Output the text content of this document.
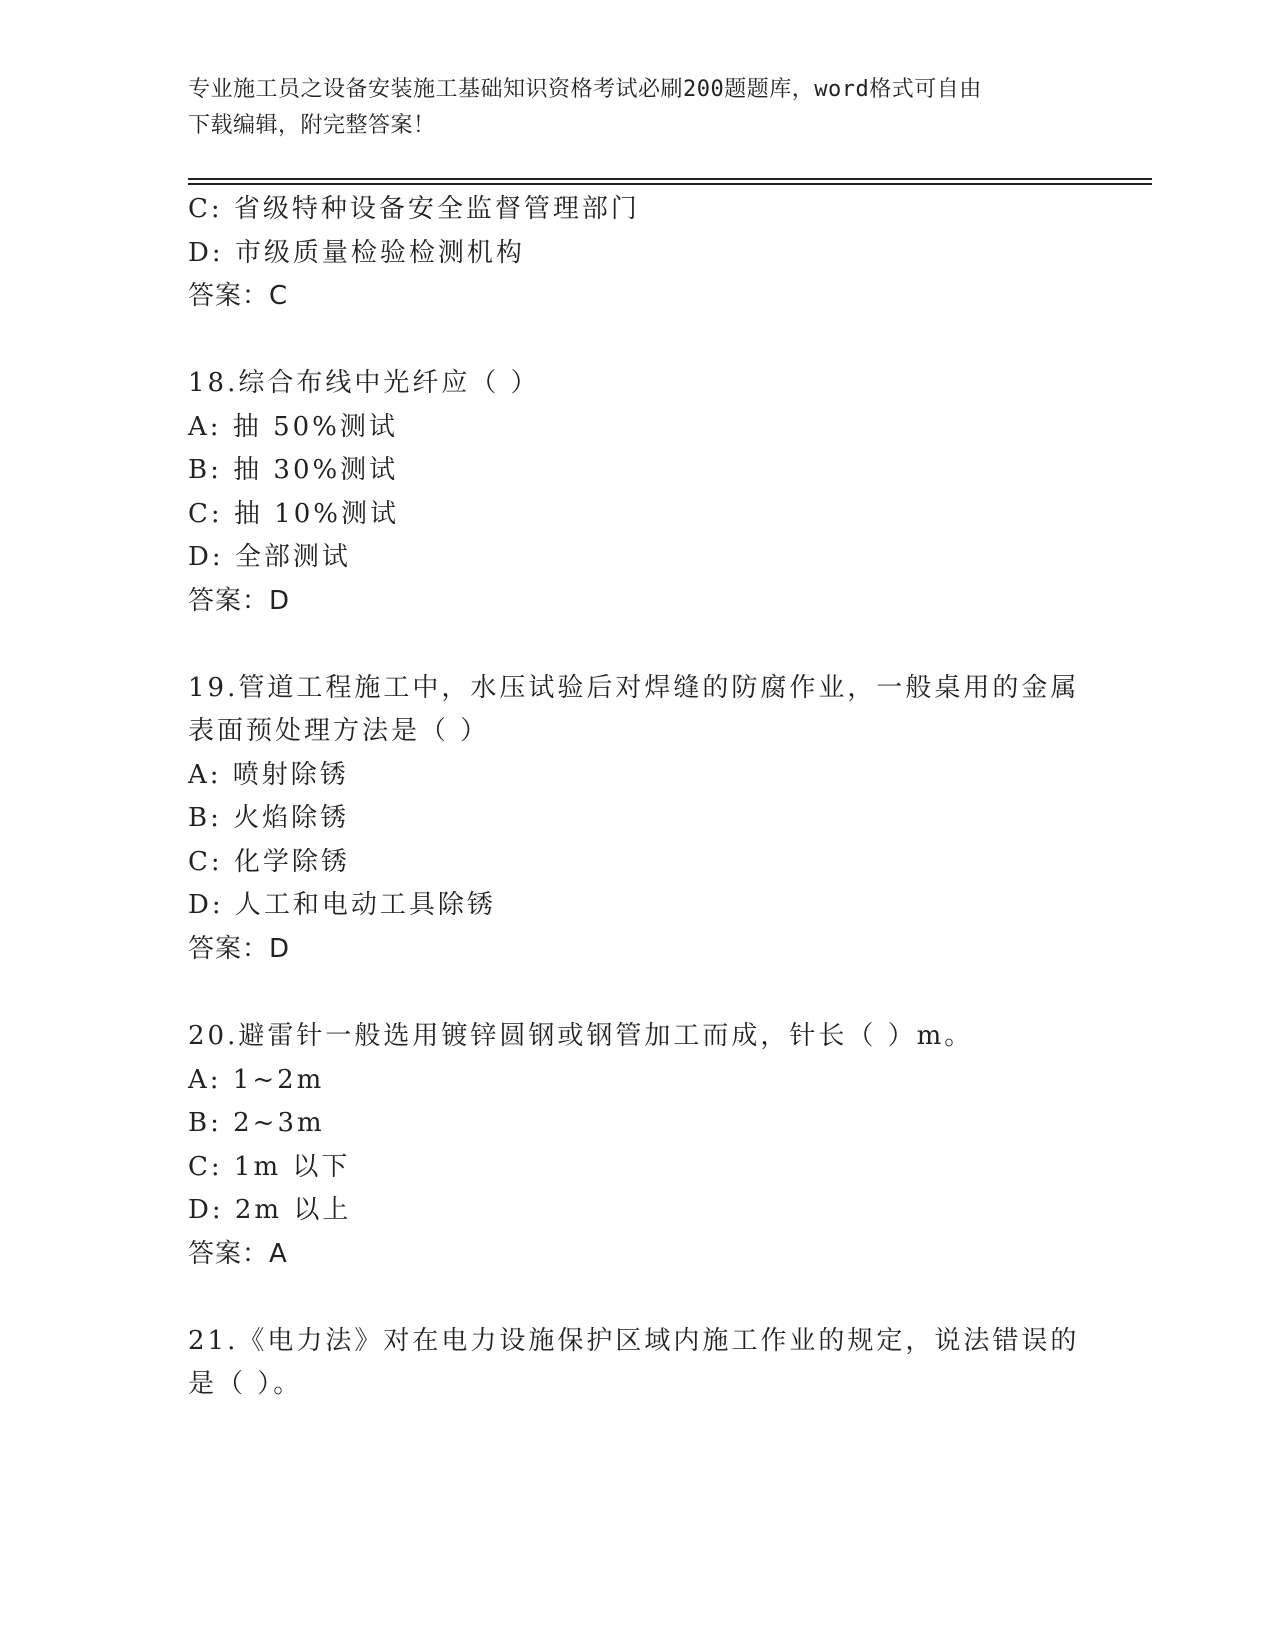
专业施工员之设备安装施工基础知识资格考试必刷200题题库，word格式可自由
下载编辑，附完整答案！
C: 省级特种设备安全监督管理部门
D: 市级质量检验检测机构
答案：C
18.综合布线中光纤应（ ）
A: 抽 50%测试
B: 抽 30%测试
C: 抽 10%测试
D: 全部测试
答案：D
19.管道工程施工中，水压试验后对焊缝的防腐作业，一般桌用的金属
表面预处理方法是（ ）
A: 喷射除锈
B: 火焰除锈
C: 化学除锈
D: 人工和电动工具除锈
答案：D
20.避雷针一般选用镀锌圆钢或钢管加工而成，针长（ ）m。
A: 1~2m
B: 2~3m
C: 1m 以下
D: 2m 以上
答案：A
21.《电力法》对在电力设施保护区域内施工作业的规定，说法错误的
是（ ）。
